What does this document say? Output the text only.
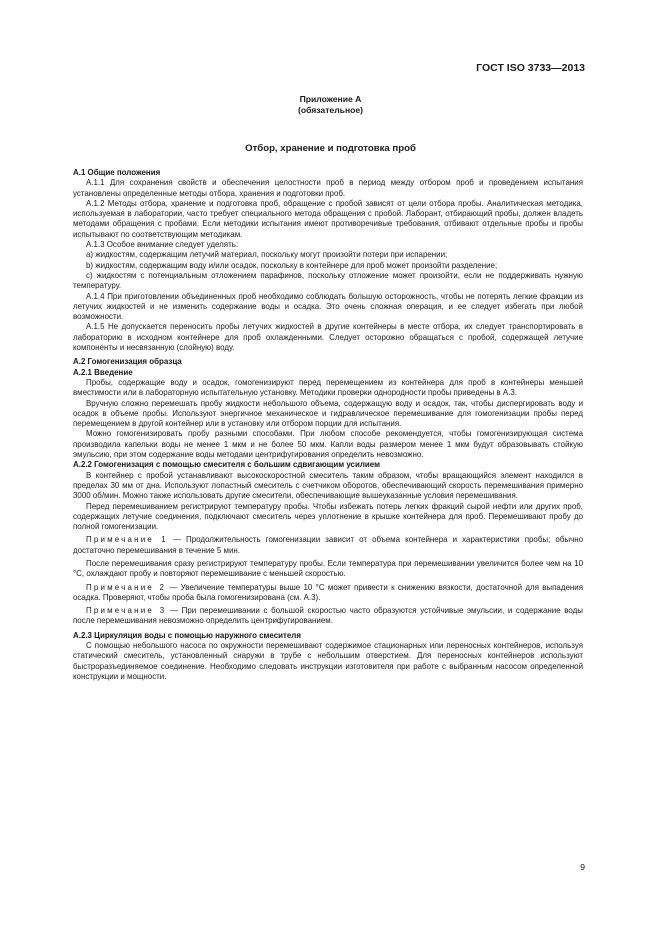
ГОСТ ISO 3733—2013
Приложение А
(обязательное)
Отбор, хранение и подготовка проб

А.1 Общие положения

А.1.1 Для сохранения свойств и обеспечения целостности проб в период между отбором проб и проведением испытания установлены определенные методы отбора, хранения и подготовки проб.

А.1.2 Методы отбора, хранение и подготовка проб, обращение с пробой зависят от цели отбора пробы. Аналитическая методика, используемая в лаборатории, часто требует специального метода обращения с пробой. Лаборант, отбирающий пробы, должен владеть методами обращения с пробами. Если методики испытания имеют противоречивые требования, отбивают отдельные пробы и пробы испытывают по соответствующим методикам.

А.1.3 Особое внимание следует уделять:

а) жидкостям, содержащим летучий материал, поскольку могут произойти потери при испарении;

b) жидкостям, содержащим воду и/или осадок, поскольку в контейнере для проб может произойти разделение;

с) жидкостям с потенциальным отложением парафинов, поскольку отложение может произойти, если не поддерживать нужную температуру.

А.1.4 При приготовлении объединенных проб необходимо соблюдать большую осторожность, чтобы не потерять легкие фракции из летучих жидкостей и не изменить содержание воды и осадка. Это очень сложная операция, и ее следует избегать при любой возможности.

А.1.5 Не допускается переносить пробы летучих жидкостей в другие контейнеры в месте отбора, их следует транспортировать в лабораторию в исходном контейнере для проб охлажденными. Следует осторожно обращаться с пробой, содержащей летучие компоненты и несвязанную (слойную) воду.

А.2 Гомогенизация образца

А.2.1 Введение

Пробы, содержащие воду и осадок, гомогенизируют перед перемещением из контейнера для проб в контейнеры меньшей вместимости или в лабораторную испытательную установку. Методики проверки однородности пробы приведены в А.3.

Вручную сложно перемешать пробу жидкости небольшого объема, содержащую воду и осадок, так, чтобы диспергировать воду и осадок в объеме пробы. Используют энергичное механическое и гидравлическое перемешивание для гомогенизации пробы перед перемещением в другой контейнер или в установку или отбором порции для испытания.

Можно гомогенизировать пробу разными способами. При любом способе рекомендуется, чтобы гомогенизирующая система производила капельки воды не менее 1 мкм и не более 50 мкм. Капли воды размером менее 1 мкм будут образовывать стойкую эмульсию, при этом содержание воды методами центрифугирования определить невозможно.

А.2.2 Гомогенизация с помощью смесителя с большим сдвигающим усилием

В контейнер с пробой устанавливают высокоскоростной смеситель таким образом, чтобы вращающийся элемент находился в пределах 30 мм от дна. Используют лопастный смеситель с счетчиком оборотов, обеспечивающий скорость перемешивания примерно 3000 об/мин. Можно также использовать другие смесители, обеспечивающие вышеуказанные условия перемешивания.

Перед перемешиванием регистрируют температуру пробы. Чтобы избежать потерь легких фракций сырой нефти или других проб, содержащих летучие соединения, подключают смеситель через уплотнение в крышке контейнера для проб. Перемешивают пробу до полной гомогенизации.

Примечание 1 — Продолжительность гомогенизации зависит от объема контейнера и характеристики пробы; обычно достаточно перемешивания в течение 5 мин.

После перемешивания сразу регистрируют температуру пробы. Если температура при перемешивании увеличится более чем на 10 °С, охлаждают пробу и повторяют перемешивание с меньшей скоростью.

Примечание 2 — Увеличение температуры выше 10 °С может привести к снижению вязкости, достаточной для выпадения осадка. Проверяют, чтобы проба была гомогенизирована (см. А.3).

Примечание 3 — При перемешивании с большой скоростью часто образуются устойчивые эмульсии, и содержание воды после перемешивания невозможно определить центрифугированием.

А.2.3 Циркуляция воды с помощью наружного смесителя

С помощью небольшого насоса по окружности перемешивают содержимое стационарных или переносных контейнеров, используя статический смеситель, установленный снаружи в трубе с небольшим отверстием. Для переносных контейнеров используют быстроразъединяемое соединение. Необходимо следовать инструкции изготовителя при работе с выбранным насосом определенной конструкции и мощности.

9
